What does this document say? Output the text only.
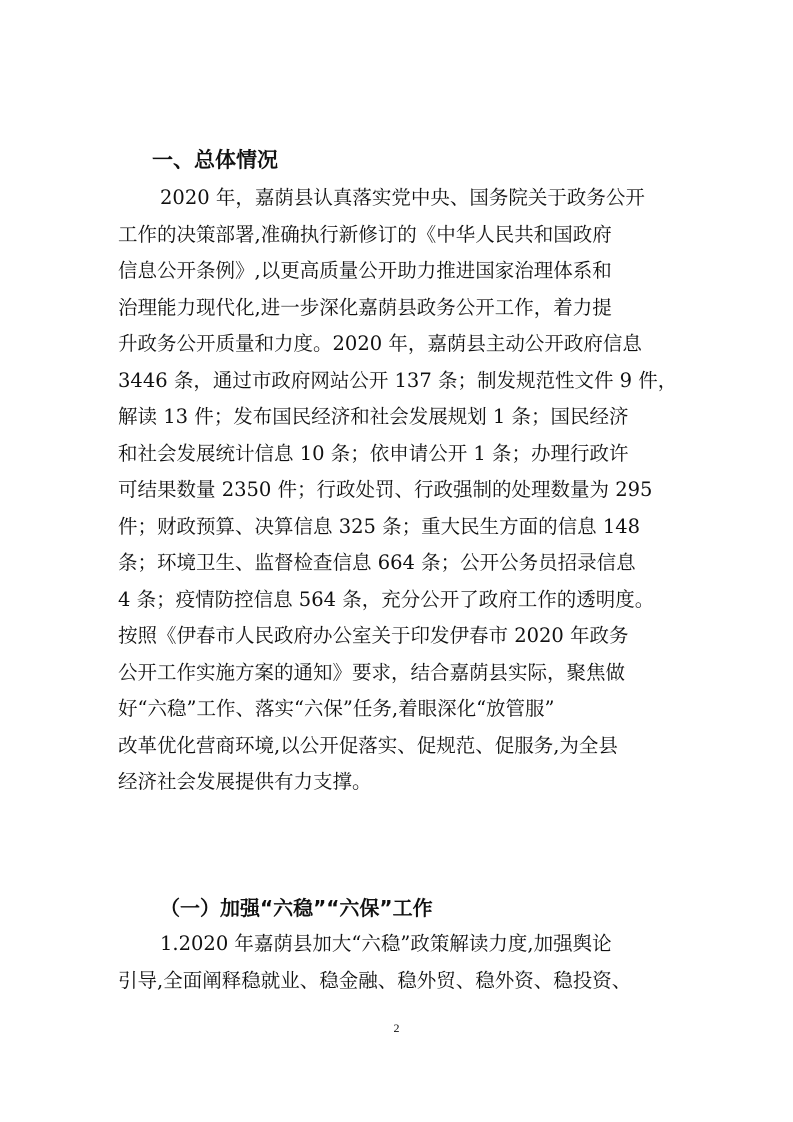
一、总体情况
2020 年，嘉荫县认真落实党中央、国务院关于政务公开
工作的决策部署,准确执行新修订的《中华人民共和国政府
信息公开条例》,以更高质量公开助力推进国家治理体系和
治理能力现代化,进一步深化嘉荫县政务公开工作，着力提
升政务公开质量和力度。2020 年，嘉荫县主动公开政府信息
3446 条，通过市政府网站公开 137 条；制发规范性文件 9 件，
解读 13 件；发布国民经济和社会发展规划 1 条；国民经济
和社会发展统计信息 10 条；依申请公开 1 条；办理行政许
可结果数量 2350 件；行政处罚、行政强制的处理数量为 295
件；财政预算、决算信息 325 条；重大民生方面的信息 148
条；环境卫生、监督检查信息 664 条；公开公务员招录信息
4 条；疫情防控信息 564 条，充分公开了政府工作的透明度。
按照《伊春市人民政府办公室关于印发伊春市 2020 年政务
公开工作实施方案的通知》要求，结合嘉荫县实际，聚焦做
好“六稳”工作、落实“六保”任务,着眼深化“放管服”
改革优化营商环境,以公开促落实、促规范、促服务,为全县
经济社会发展提供有力支撑。
（一）加强“六稳”“六保”工作
1.2020 年嘉荫县加大“六稳”政策解读力度,加强舆论
引导,全面阐释稳就业、稳金融、稳外贸、稳外资、稳投资、
2
